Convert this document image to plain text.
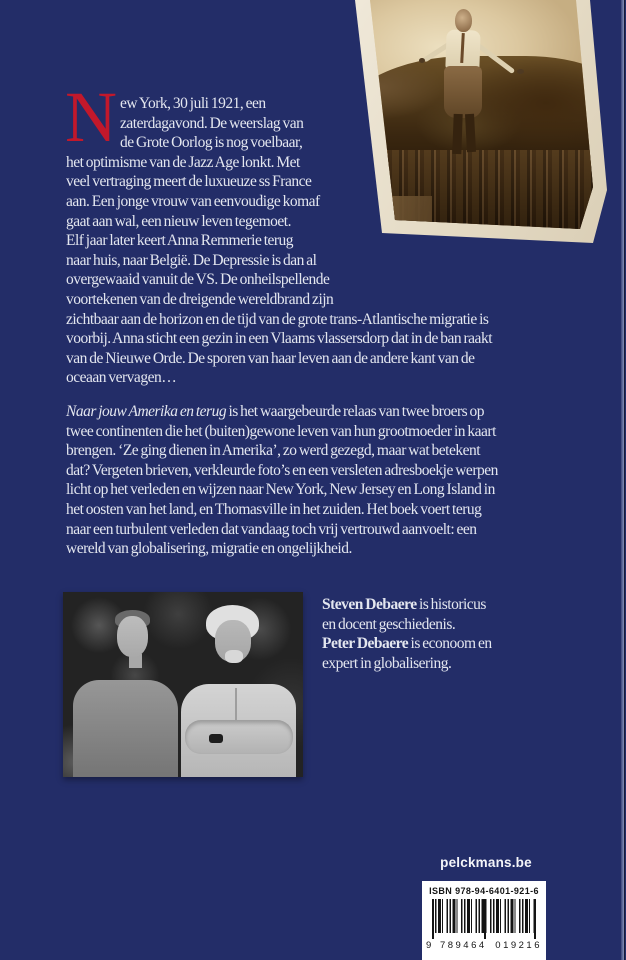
N ew York, 30 juli 1921, een
zaterdagavond. De weerslag van
de Grote Oorlog is nog voelbaar,
het optimisme van de Jazz Age lonkt. Met
veel vertraging meert de luxueuze ss France
aan. Een jonge vrouw van eenvoudige komaf
gaat aan wal, een nieuw leven tegemoet.
Elf jaar later keert Anna Remmerie terug
naar huis, naar België. De Depressie is dan al
overgewaaid vanuit de VS. De onheilspellende
voortekenen van de dreigende wereldbrand zijn
zichtbaar aan de horizon en de tijd van de grote trans-Atlantische migratie is
voorbij. Anna sticht een gezin in een Vlaams vlassersdorp dat in de ban raakt
van de Nieuwe Orde. De sporen van haar leven aan de andere kant van de
oceaan vervagen…
Naar jouw Amerika en terug is het waargebeurde relaas van twee broers op
twee continenten die het (buiten)gewone leven van hun grootmoeder in kaart
brengen. ‘Ze ging dienen in Amerika’, zo werd gezegd, maar wat betekent
dat? Vergeten brieven, verkleurde foto’s en een versleten adresboekje werpen
licht op het verleden en wijzen naar New York, New Jersey en Long Island in
het oosten van het land, en Thomasville in het zuiden. Het boek voert terug
naar een turbulent verleden dat vandaag toch vrij vertrouwd aanvoelt: een
wereld van globalisering, migratie en ongelijkheid.
Steven Debaere is historicus
en docent geschiedenis.
Peter Debaere is econoom en
expert in globalisering.
pelckmans.be
ISBN 978-94-6401-921-6
9 789464 019216
